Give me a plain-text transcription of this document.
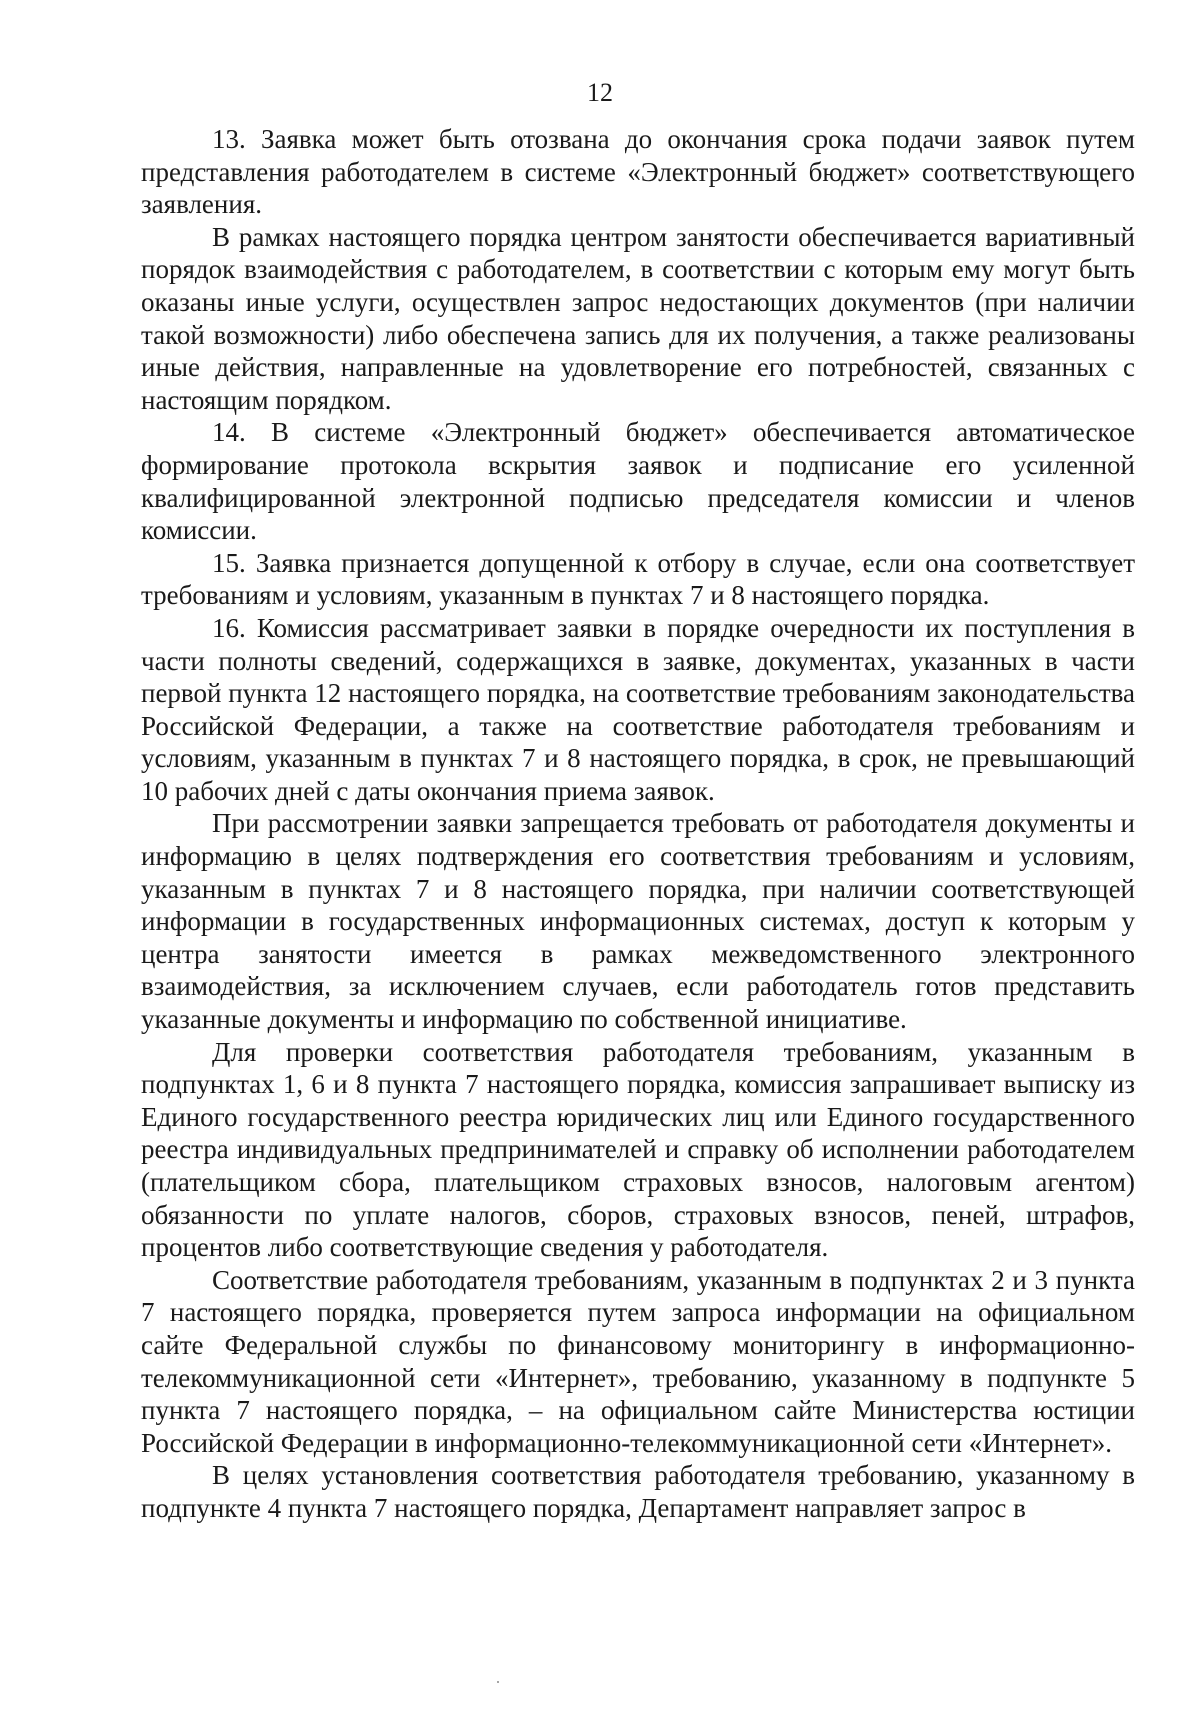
12

13. Заявка может быть отозвана до окончания срока подачи заявок путем представления работодателем в системе «Электронный бюджет» соответствующего заявления.

В рамках настоящего порядка центром занятости обеспечивается вариативный порядок взаимодействия с работодателем, в соответствии с которым ему могут быть оказаны иные услуги, осуществлен запрос недостающих документов (при наличии такой возможности) либо обеспечена запись для их получения, а также реализованы иные действия, направленные на удовлетворение его потребностей, связанных с настоящим порядком.

14. В системе «Электронный бюджет» обеспечивается автоматическое формирование протокола вскрытия заявок и подписание его усиленной квалифицированной электронной подписью председателя комиссии и членов комиссии.

15. Заявка признается допущенной к отбору в случае, если она соответствует требованиям и условиям, указанным в пунктах 7 и 8 настоящего порядка.

16. Комиссия рассматривает заявки в порядке очередности их поступления в части полноты сведений, содержащихся в заявке, документах, указанных в части первой пункта 12 настоящего порядка, на соответствие требованиям законодательства Российской Федерации, а также на соответствие работодателя требованиям и условиям, указанным в пунктах 7 и 8 настоящего порядка, в срок, не превышающий 10 рабочих дней с даты окончания приема заявок.

При рассмотрении заявки запрещается требовать от работодателя документы и информацию в целях подтверждения его соответствия требованиям и условиям, указанным в пунктах 7 и 8 настоящего порядка, при наличии соответствующей информации в государственных информационных системах, доступ к которым у центра занятости имеется в рамках межведомственного электронного взаимодействия, за исключением случаев, если работодатель готов представить указанные документы и информацию по собственной инициативе.

Для проверки соответствия работодателя требованиям, указанным в подпунктах 1, 6 и 8 пункта 7 настоящего порядка, комиссия запрашивает выписку из Единого государственного реестра юридических лиц или Единого государственного реестра индивидуальных предпринимателей и справку об исполнении работодателем (плательщиком сбора, плательщиком страховых взносов, налоговым агентом) обязанности по уплате налогов, сборов, страховых взносов, пеней, штрафов, процентов либо соответствующие сведения у работодателя.

Соответствие работодателя требованиям, указанным в подпунктах 2 и 3 пункта 7 настоящего порядка, проверяется путем запроса информации на официальном сайте Федеральной службы по финансовому мониторингу в информационно-телекоммуникационной сети «Интернет», требованию, указанному в подпункте 5 пункта 7 настоящего порядка, – на официальном сайте Министерства юстиции Российской Федерации в информационно-телекоммуникационной сети «Интернет».

В целях установления соответствия работодателя требованию, указанному в подпункте 4 пункта 7 настоящего порядка, Департамент направляет запрос в
